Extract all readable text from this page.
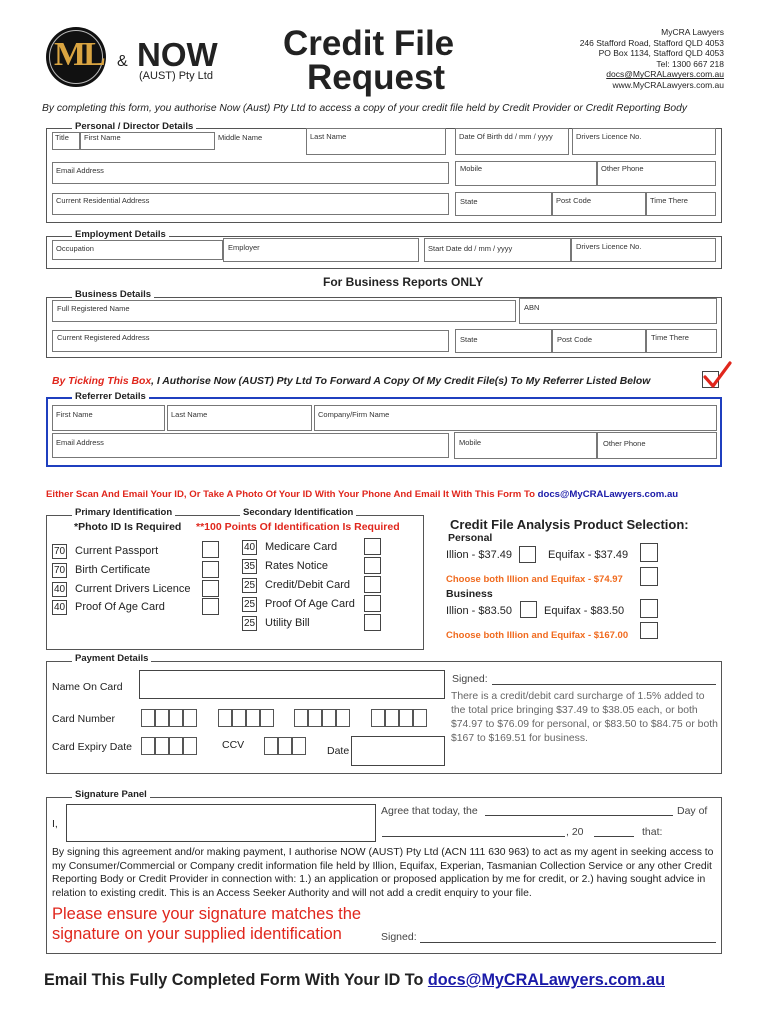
ML & NOW
(AUST) Pty Ltd
Credit File
Request
MyCRA Lawyers
246 Stafford Road, Stafford QLD 4053
PO Box 1134, Stafford QLD 4053
Tel: 1300 667 218
docs@MyCRALawyers.com.au
www.MyCRALawyers.com.au
By completing this form, you authorise Now (Aust) Pty Ltd to access a copy of your credit file held by Credit Provider or Credit Reporting Body
Personal / Director Details
Title First Name	Middle Name	Last Name	Date Of Birth dd / mm / yyyy	Drivers Licence No.
Email Address	Mobile	Other Phone
Current Residential Address	State	Post Code	Time There
Employment Details
Occupation	Employer	Start Date dd / mm / yyyy	Drivers Licence No.
For Business Reports ONLY
Business Details
Full Registered Name	ABN
Current Registered Address	State	Post Code	Time There
By Ticking This Box, I Authorise Now (AUST) Pty Ltd To Forward A Copy Of My Credit File(s) To My Referrer Listed Below
Referrer Details
First Name	Last Name	Company/Firm Name
Email Address	Mobile	Other Phone
Either Scan And Email Your ID, Or Take A Photo Of Your ID With Your Phone And Email It With This Form To docs@MyCRALawyers.com.au
Primary Identification	Secondary Identification
*Photo ID Is Required **100 Points Of Identification Is Required
70 Current Passport
70 Birth Certificate
40 Current Drivers Licence
40 Proof Of Age Card
40 Medicare Card
35 Rates Notice
25 Credit/Debit Card
25 Proof Of Age Card
25 Utility Bill
Credit File Analysis Product Selection:
Personal
Illion - $37.49	Equifax - $37.49
Choose both Illion and Equifax - $74.97
Business
Illion - $83.50	Equifax - $83.50
Choose both Illion and Equifax - $167.00
Payment Details
Name On Card
Card Number
Card Expiry Date	CCV	Date
Signed:
There is a credit/debit card surcharge of 1.5% added to the total price bringing $37.49 to $38.05 each, or both $74.97 to $76.09 for personal, or $83.50 to $84.75 or both $167 to $169.51 for business.
Signature Panel
I,
Agree that today, the	Day of
, 20	that:
By signing this agreement and/or making payment, I authorise NOW (AUST) Pty Ltd (ACN 111 630 963) to act as my agent in seeking access to my Consumer/Commercial or Company credit information file held by Illion, Equifax, Experian, Tasmanian Collection Service or any other Credit Reporting Body or Credit Provider in connection with: 1.) an application or proposed application by me for credit, or 2.) having sought advice in relation to existing credit. This is an Access Seeker Authority and will not add a credit enquiry to your file.
Please ensure your signature matches the
signature on your supplied identification	Signed:
Email This Fully Completed Form With Your ID To docs@MyCRALawyers.com.au
